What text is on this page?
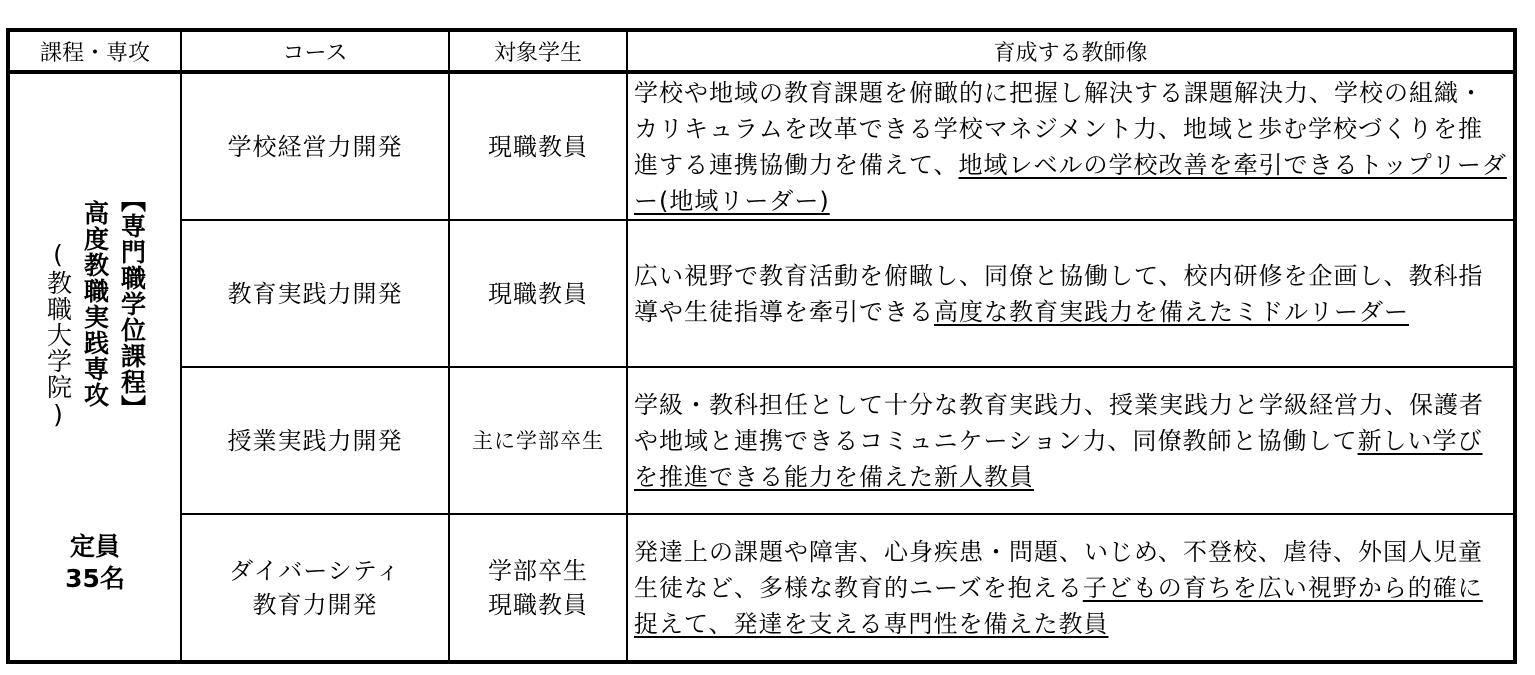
課程・専攻	コース	対象学生	育成する教師像

【専門職学位課程】
高度教職実践専攻
(教職大学院)
定員
35名	学校経営力開発	現職教員	学校や地域の教育課題を俯瞰的に把握し解決する課題解決力、学校の組織・カリキュラムを改革できる学校マネジメント力、地域と歩む学校づくりを推進する連携協働力を備えて、地域レベルの学校改善を牽引できるトップリーダー(地域リーダー)

	教育実践力開発	現職教員	広い視野で教育活動を俯瞰し、同僚と協働して、校内研修を企画し、教科指導や生徒指導を牽引できる高度な教育実践力を備えたミドルリーダー

	授業実践力開発	主に学部卒生	学級・教科担任として十分な教育実践力、授業実践力と学級経営力、保護者や地域と連携できるコミュニケーション力、同僚教師と協働して新しい学びを推進できる能力を備えた新人教員

	ダイバーシティ
教育力開発	学部卒生
現職教員	発達上の課題や障害、心身疾患・問題、いじめ、不登校、虐待、外国人児童生徒など、多様な教育的ニーズを抱える子どもの育ちを広い視野から的確に捉えて、発達を支える専門性を備えた教員
